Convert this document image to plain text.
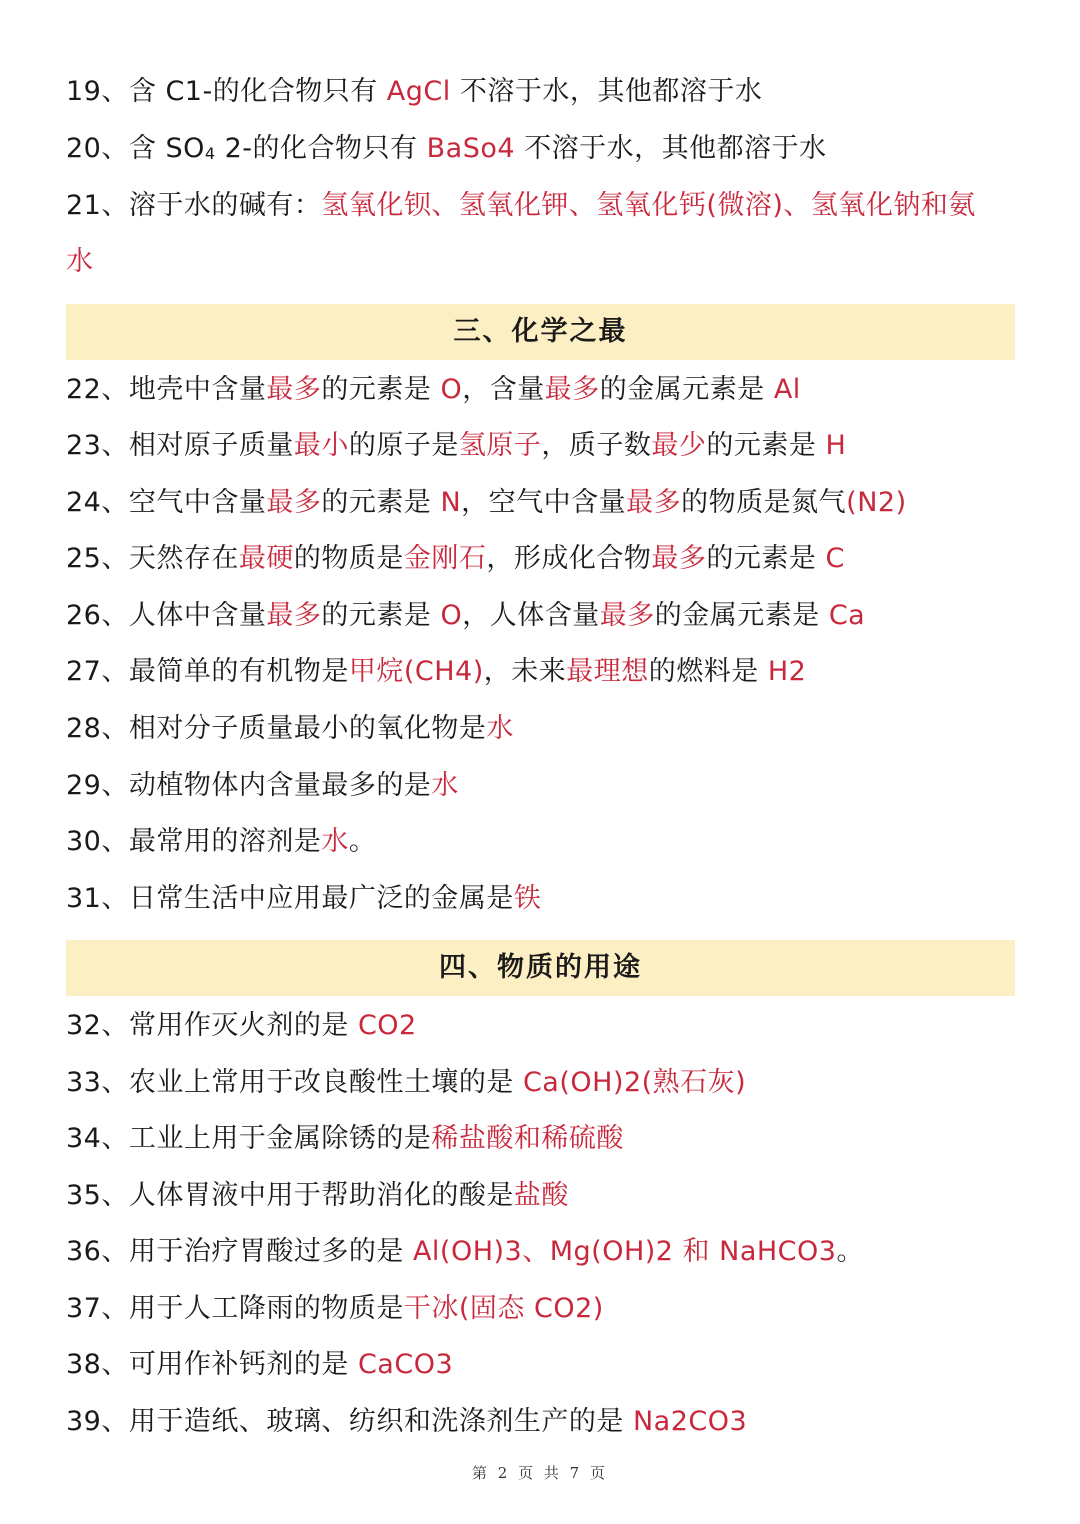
19、含 C1-的化合物只有 AgCl 不溶于水，其他都溶于水
20、含 $SO_4$ 2-的化合物只有 BaSo4 不溶于水，其他都溶于水
21、溶于水的碱有：氢氧化钡、氢氧化钾、氢氧化钙(微溶)、氢氧化钠和氨
水
三、化学之最
22、地壳中含量最多的元素是 O，含量最多的金属元素是 Al
23、相对原子质量最小的原子是氢原子，质子数最少的元素是 H
24、空气中含量最多的元素是 N，空气中含量最多的物质是氮气(N2)
25、天然存在最硬的物质是金刚石，形成化合物最多的元素是 C
26、人体中含量最多的元素是 O，人体含量最多的金属元素是 Ca
27、最简单的有机物是甲烷(CH4)，未来最理想的燃料是 H2
28、相对分子质量最小的氧化物是水
29、动植物体内含量最多的是水
30、最常用的溶剂是水。
31、日常生活中应用最广泛的金属是铁
四、物质的用途
32、常用作灭火剂的是 CO2
33、农业上常用于改良酸性土壤的是 Ca(OH)2(熟石灰)
34、工业上用于金属除锈的是稀盐酸和稀硫酸
35、人体胃液中用于帮助消化的酸是盐酸
36、用于治疗胃酸过多的是 Al(OH)3、Mg(OH)2 和 NaHCO3。
37、用于人工降雨的物质是干冰(固态 CO2)
38、可用作补钙剂的是 CaCO3
39、用于造纸、玻璃、纺织和洗涤剂生产的是 Na2CO3
第 2 页 共 7 页
